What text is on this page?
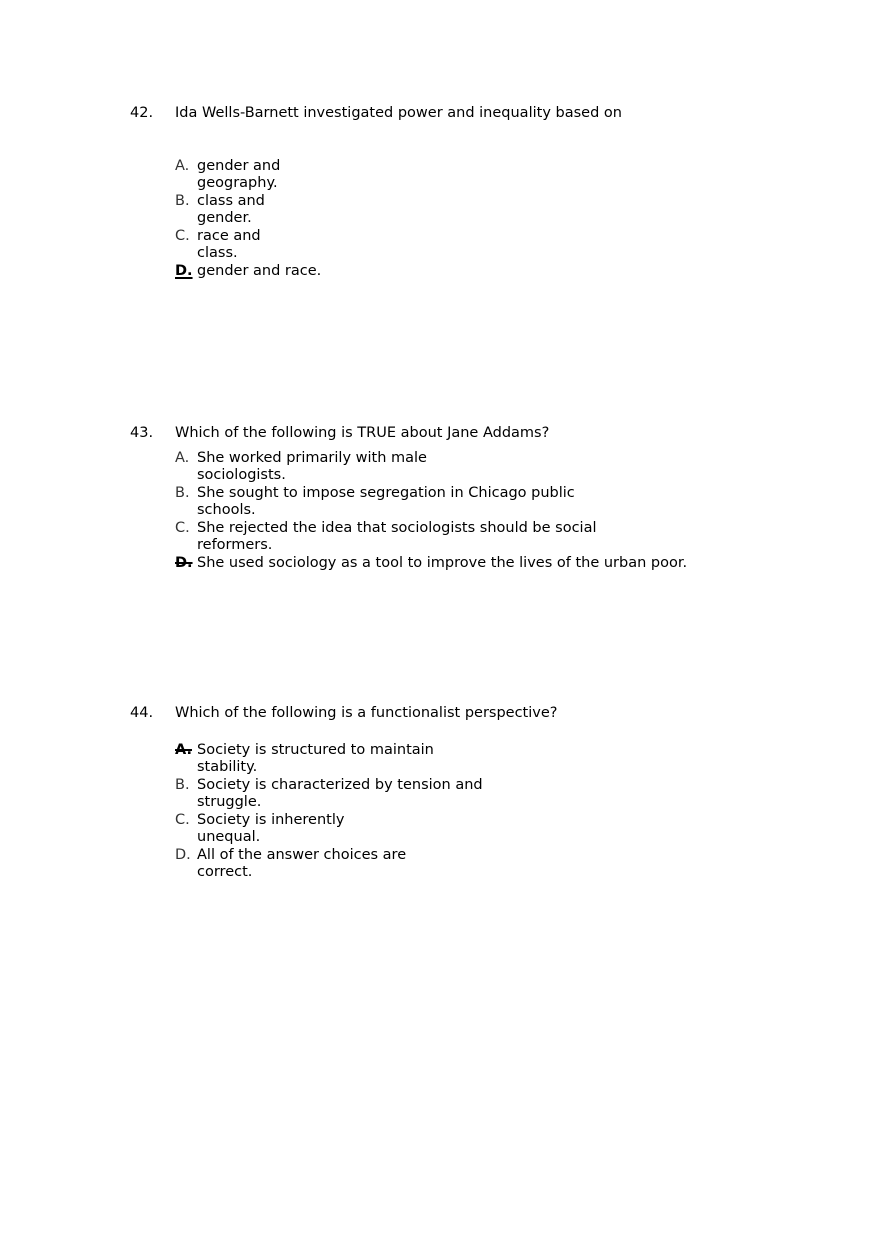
42. Ida Wells-Barnett investigated power and inequality based on
A. gender and
geography.
B. class and
gender.
C. race and
class.
D. gender and race.
43. Which of the following is TRUE about Jane Addams?
A. She worked primarily with male
sociologists.
B. She sought to impose segregation in Chicago public
schools.
C. She rejected the idea that sociologists should be social
reformers.
D. She used sociology as a tool to improve the lives of the urban poor.
44. Which of the following is a functionalist perspective?
A. Society is structured to maintain
stability.
B. Society is characterized by tension and
struggle.
C. Society is inherently
unequal.
D. All of the answer choices are
correct.
